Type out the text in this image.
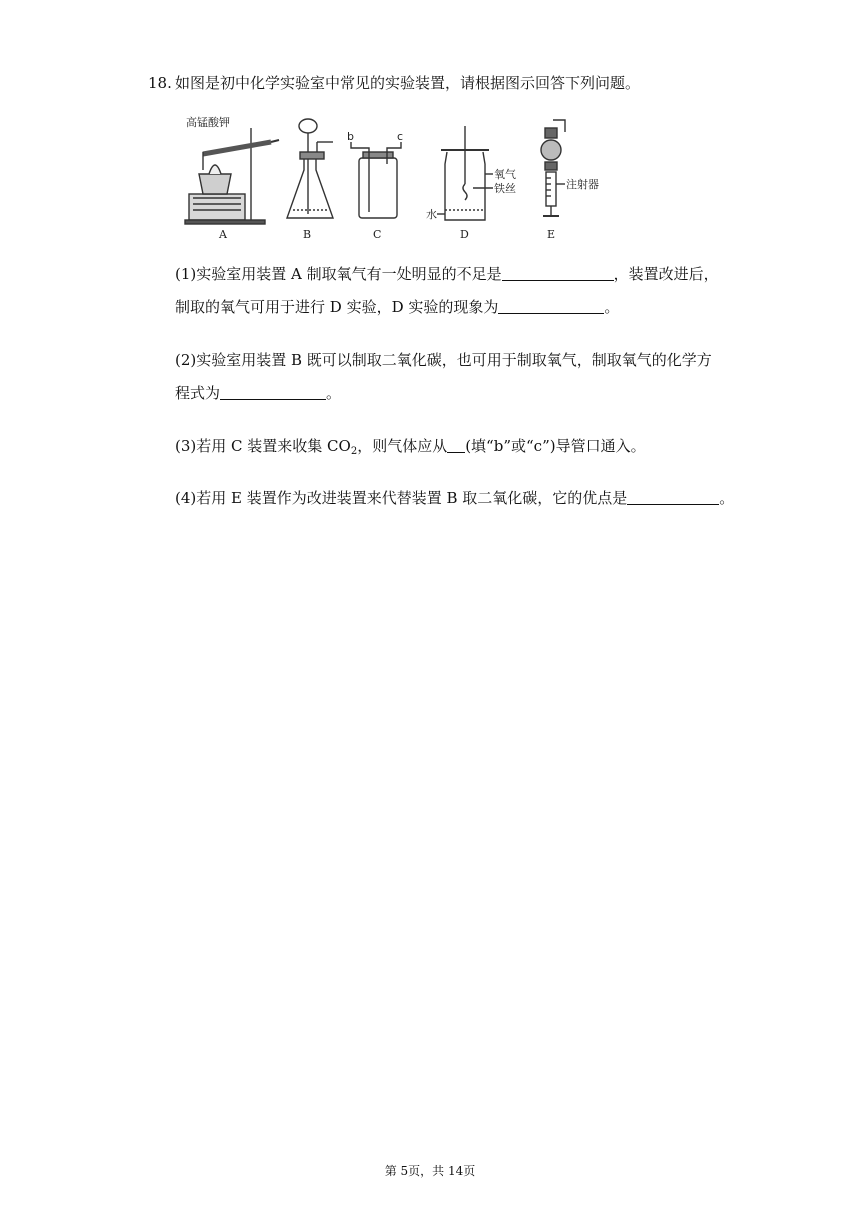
18. 如图是初中化学实验室中常见的实验装置，请根据图示回答下列问题。
高锰酸钾
A	B
b	c
C
氧气
铁丝
水
D
注射器
E
(1)实验室用装置 A 制取氧气有一处明显的不足是	，装置改进后，
制取的氧气可用于进行 D 实验，D 实验的现象为	。
(2)实验室用装置 B 既可以制取二氧化碳，也可用于制取氧气，制取氧气的化学方
程式为	。
(3)若用 C 装置来收集 $CO_2$，则气体应从 (填“b”或“c”)导管口通入。
(4)若用 E 装置作为改进装置来代替装置 B 取二氧化碳，它的优点是	。
第 5页，共 14页
